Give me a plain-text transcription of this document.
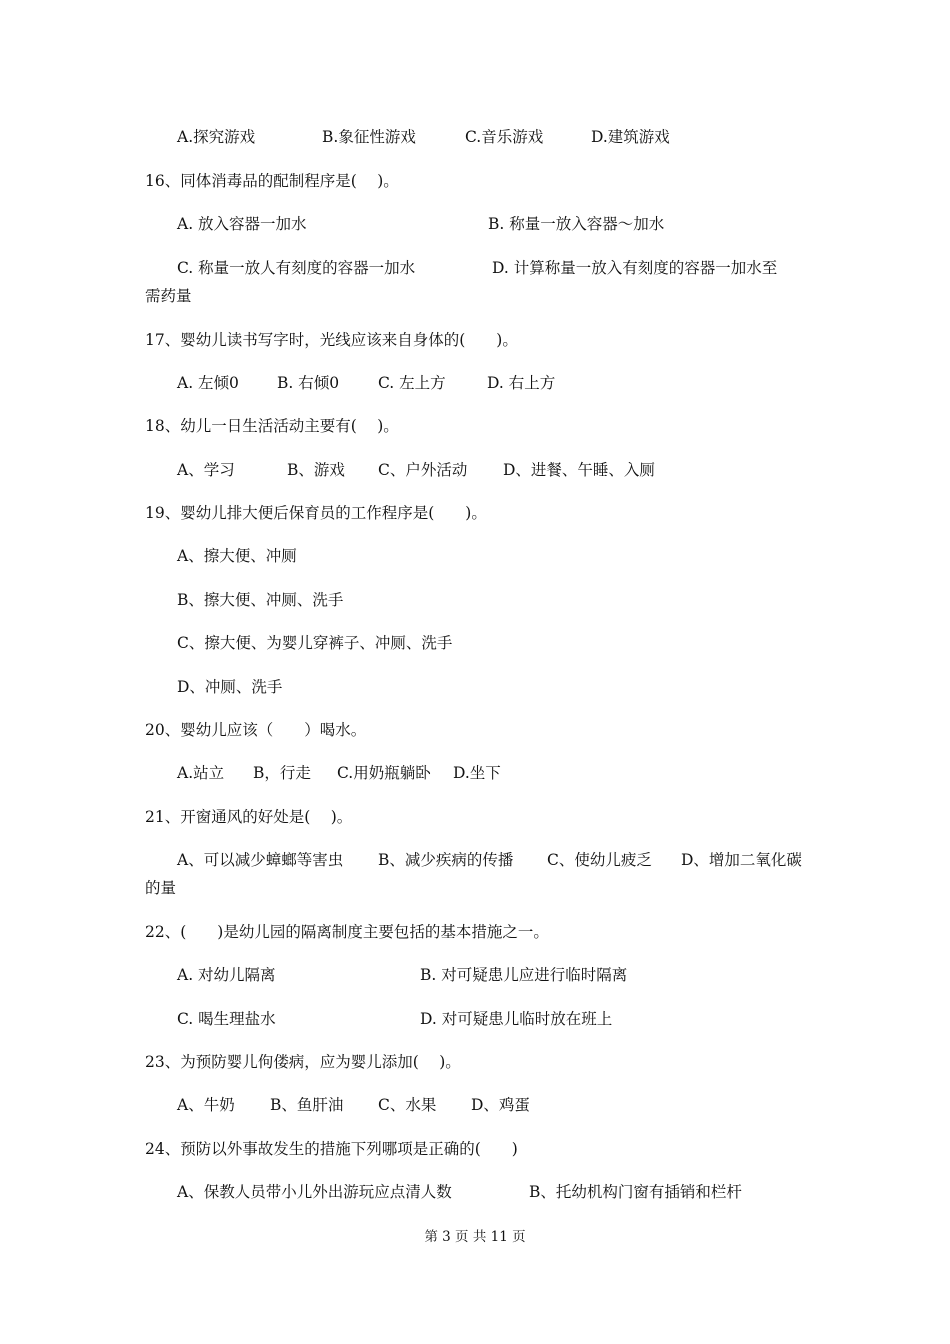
A.探究游戏	B.象征性游戏	C.音乐游戏	D.建筑游戏
16、同体消毒品的配制程序是(　 )。
A. 放入容器一加水	B. 称量一放入容器～加水
C. 称量一放人有刻度的容器一加水	D. 计算称量一放入有刻度的容器一加水至
需药量
17、婴幼儿读书写字时，光线应该来自身体的(　　)。
A. 左倾0 B. 右倾0	C. 左上方	D. 右上方
18、幼儿一日生活活动主要有(　 )。
A、学习	B、游戏 C、户外活动 D、进餐、午睡、入厕
19、婴幼儿排大便后保育员的工作程序是(　　)。
A、擦大便、冲厕
B、擦大便、冲厕、洗手
C、擦大便、为婴儿穿裤子、冲厕、洗手
D、冲厕、洗手
20、婴幼儿应该（　　）喝水。
A.站立 B，行走 C.用奶瓶躺卧 D.坐下
21、开窗通风的好处是(　 )。
A、可以减少蟑螂等害虫 B、减少疾病的传播 C、使幼儿疲乏 D、增加二氧化碳
的量
22、(　　)是幼儿园的隔离制度主要包括的基本措施之一。
A. 对幼儿隔离	B. 对可疑患儿应进行临时隔离
C. 喝生理盐水	D. 对可疑患儿临时放在班上
23、为预防婴儿佝偻病，应为婴儿添加(　 )。
A、牛奶 B、鱼肝油 C、水果 D、鸡蛋
24、预防以外事故发生的措施下列哪项是正确的(　　)
A、保教人员带小儿外出游玩应点清人数	B、托幼机构门窗有插销和栏杆
第 3 页 共 11 页
